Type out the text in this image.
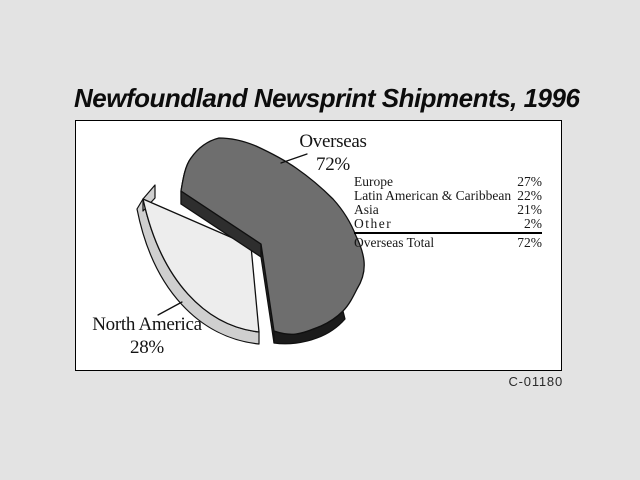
Newfoundland Newsprint Shipments, 1996
Overseas
72%
North America
28%
Europe	27%
Latin American & Caribbean 22%
Asia	21%
Other	2%
Overseas Total	72%
C-01180
